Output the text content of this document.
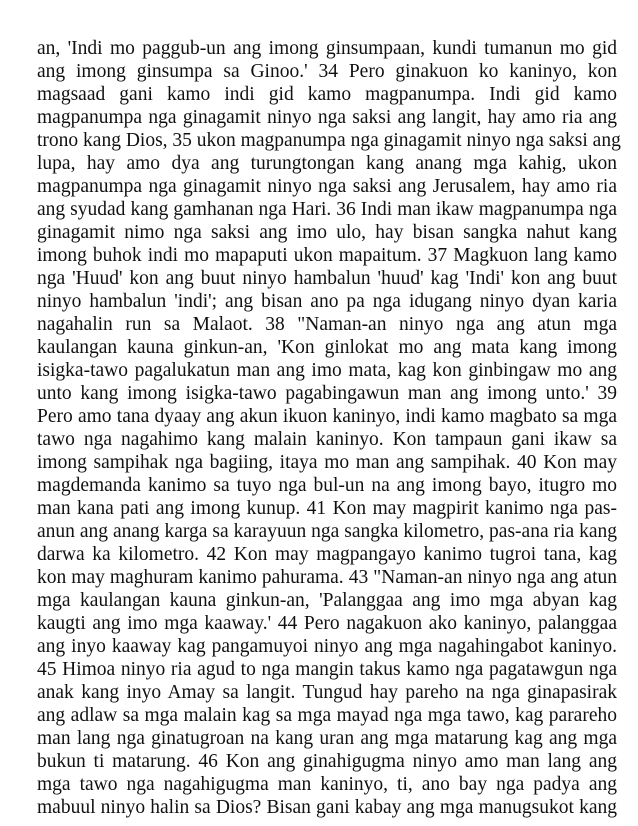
an, 'Indi mo paggub-un ang imong ginsumpaan, kundi tumanun mo gid
ang imong ginsumpa sa Ginoo.' 34 Pero ginakuon ko kaninyo, kon
magsaad gani kamo indi gid kamo magpanumpa. Indi gid kamo
magpanumpa nga ginagamit ninyo nga saksi ang langit, hay amo ria ang
trono kang Dios, 35 ukon magpanumpa nga ginagamit ninyo nga saksi ang
lupa, hay amo dya ang turungtongan kang anang mga kahig, ukon
magpanumpa nga ginagamit ninyo nga saksi ang Jerusalem, hay amo ria
ang syudad kang gamhanan nga Hari. 36 Indi man ikaw magpanumpa nga
ginagamit nimo nga saksi ang imo ulo, hay bisan sangka nahut kang
imong buhok indi mo mapaputi ukon mapaitum. 37 Magkuon lang kamo
nga 'Huud' kon ang buut ninyo hambalun 'huud' kag 'Indi' kon ang buut
ninyo hambalun 'indi'; ang bisan ano pa nga idugang ninyo dyan karia
nagahalin run sa Malaot. 38 "Naman-an ninyo nga ang atun mga
kaulangan kauna ginkun-an, 'Kon ginlokat mo ang mata kang imong
isigka-tawo pagalukatun man ang imo mata, kag kon ginbingaw mo ang
unto kang imong isigka-tawo pagabingawun man ang imong unto.' 39
Pero amo tana dyaay ang akun ikuon kaninyo, indi kamo magbato sa mga
tawo nga nagahimo kang malain kaninyo. Kon tampaun gani ikaw sa
imong sampihak nga bagiing, itaya mo man ang sampihak. 40 Kon may
magdemanda kanimo sa tuyo nga bul-un na ang imong bayo, itugro mo
man kana pati ang imong kunup. 41 Kon may magpirit kanimo nga pas-
anun ang anang karga sa karayuun nga sangka kilometro, pas-ana ria kang
darwa ka kilometro. 42 Kon may magpangayo kanimo tugroi tana, kag
kon may maghuram kanimo pahurama. 43 "Naman-an ninyo nga ang atun
mga kaulangan kauna ginkun-an, 'Palanggaa ang imo mga abyan kag
kaugti ang imo mga kaaway.' 44 Pero nagakuon ako kaninyo, palanggaa
ang inyo kaaway kag pangamuyoi ninyo ang mga nagahingabot kaninyo.
45 Himoa ninyo ria agud to nga mangin takus kamo nga pagatawgun nga
anak kang inyo Amay sa langit. Tungud hay pareho na nga ginapasirak
ang adlaw sa mga malain kag sa mga mayad nga mga tawo, kag parareho
man lang nga ginatugroan na kang uran ang mga matarung kag ang mga
bukun ti matarung. 46 Kon ang ginahigugma ninyo amo man lang ang
mga tawo nga nagahigugma man kaninyo, ti, ano bay nga padya ang
mabuul ninyo halin sa Dios? Bisan gani kabay ang mga manugsukot kang
